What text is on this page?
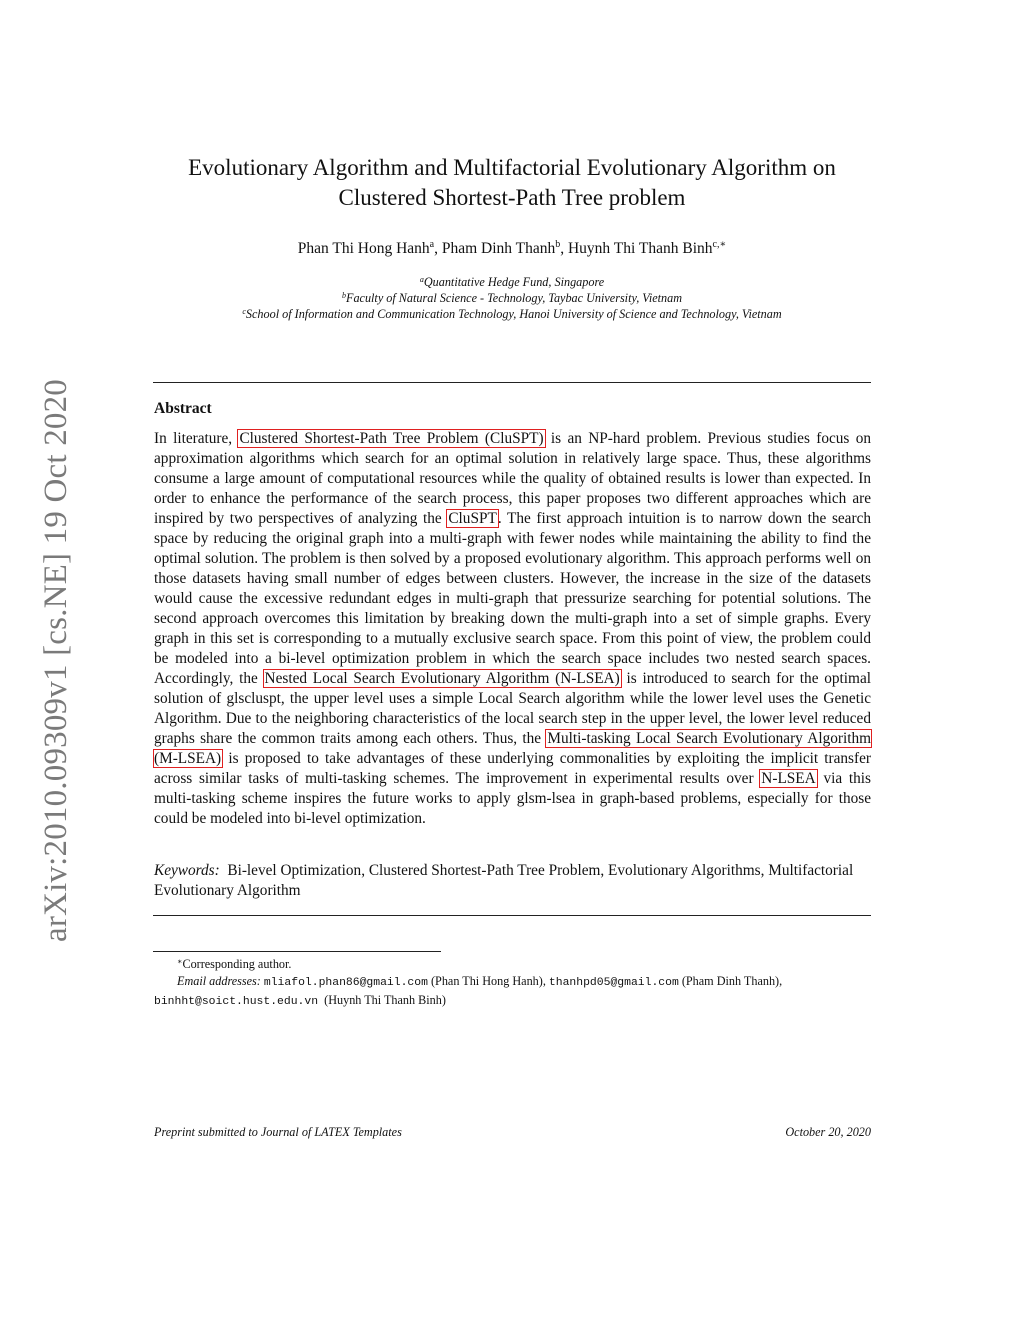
arXiv:2010.09309v1 [cs.NE] 19 Oct 2020
Evolutionary Algorithm and Multifactorial Evolutionary Algorithm on
Clustered Shortest-Path Tree problem
Phan Thi Hong Hanh$^a$, Pham Dinh Thanh$^b$, Huynh Thi Thanh Binh$^{c,∗}$
$^a$Quantitative Hedge Fund, Singapore
$^b$Faculty of Natural Science - Technology, Taybac University, Vietnam
$^c$School of Information and Communication Technology, Hanoi University of Science and Technology, Vietnam
Abstract
In literature, Clustered Shortest-Path Tree Problem (CluSPT) is an NP-hard problem. Previous studies focus on approximation algorithms which search for an optimal solution in relatively large space. Thus, these algorithms consume a large amount of computational resources while the quality of obtained results is lower than expected. In order to enhance the performance of the search process, this paper proposes two different approaches which are inspired by two perspectives of analyzing the CluSPT. The first approach intuition is to narrow down the search space by reducing the original graph into a multi-graph with fewer nodes while maintaining the ability to find the optimal solution. The problem is then solved by a proposed evolutionary algorithm. This approach performs well on those datasets having small number of edges between clusters. However, the increase in the size of the datasets would cause the excessive redundant edges in multi-graph that pressurize searching for potential solutions. The second approach overcomes this limitation by breaking down the multi-graph into a set of simple graphs. Every graph in this set is corresponding to a mutually exclusive search space. From this point of view, the problem could be modeled into a bi-level optimization problem in which the search space includes two nested search spaces. Accordingly, the Nested Local Search Evolutionary Algorithm (N-LSEA) is introduced to search for the optimal solution of glscluspt, the upper level uses a simple Local Search algorithm while the lower level uses the Genetic Algorithm. Due to the neighboring characteristics of the local search step in the upper level, the lower level reduced graphs share the common traits among each others. Thus, the Multi-tasking Local Search Evolutionary Algorithm (M-LSEA) is proposed to take advantages of these underlying commonalities by exploiting the implicit transfer across similar tasks of multi-tasking schemes. The improvement in experimental results over N-LSEA via this multi-tasking scheme inspires the future works to apply glsm-lsea in graph-based problems, especially for those could be modeled into bi-level optimization.
Keywords: Bi-level Optimization, Clustered Shortest-Path Tree Problem, Evolutionary Algorithms, Multifactorial Evolutionary Algorithm
∗Corresponding author.
Email addresses: mliafol.phan86@gmail.com (Phan Thi Hong Hanh), thanhpd05@gmail.com (Pham Dinh Thanh),
binhht@soict.hust.edu.vn (Huynh Thi Thanh Binh)
Preprint submitted to Journal of LATEX Templates	October 20, 2020
